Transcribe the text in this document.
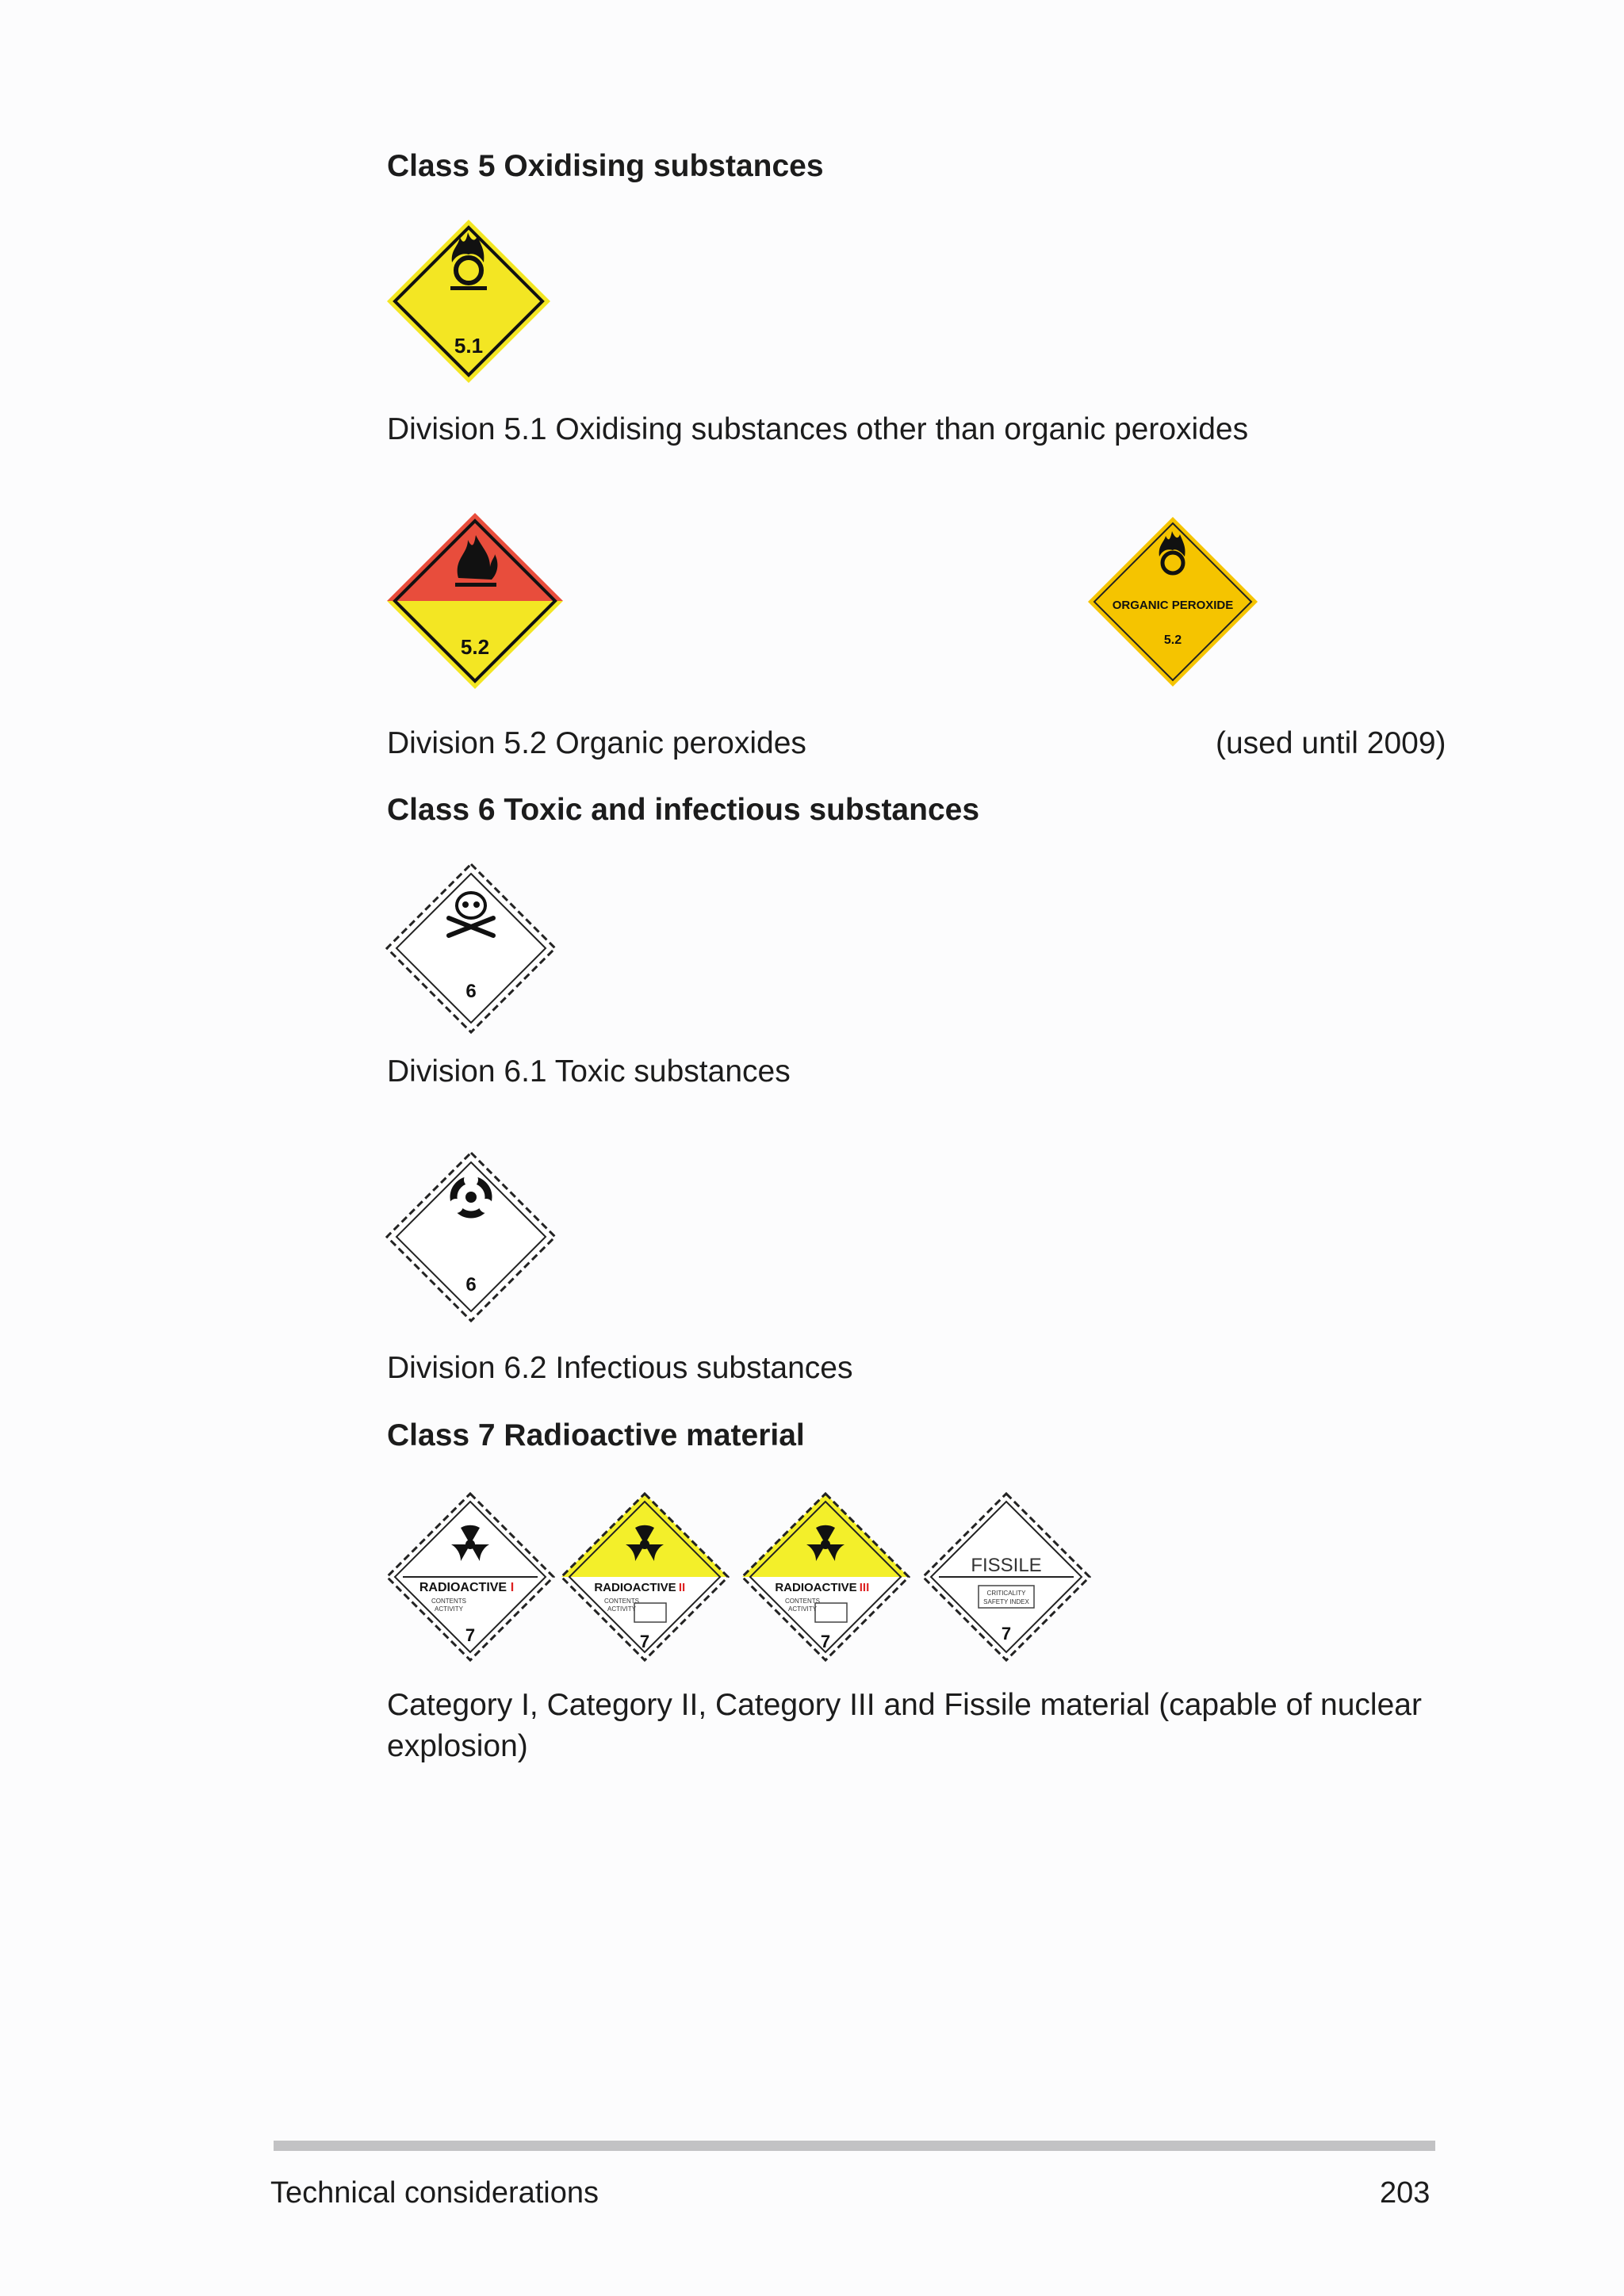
Class 5 Oxidising substances
5.1
Division 5.1 Oxidising substances other than organic peroxides
5.2
ORGANIC PEROXIDE
5.2
Division 5.2 Organic peroxides	(used until 2009)
Class 6 Toxic and infectious substances
6
Division 6.1 Toxic substances
6
Division 6.2 Infectious substances
Class 7 Radioactive material
RADIOACTIVE I
CONTENTS
ACTIVITY
7
RADIOACTIVE II
CONTENTS
ACTIVITY
7
RADIOACTIVE III
CONTENTS
ACTIVITY
7
FISSILE
CRITICALITY
SAFETY INDEX
7
Category I, Category II, Category III and Fissile material (capable of nuclear explosion)
Technical considerations	203
